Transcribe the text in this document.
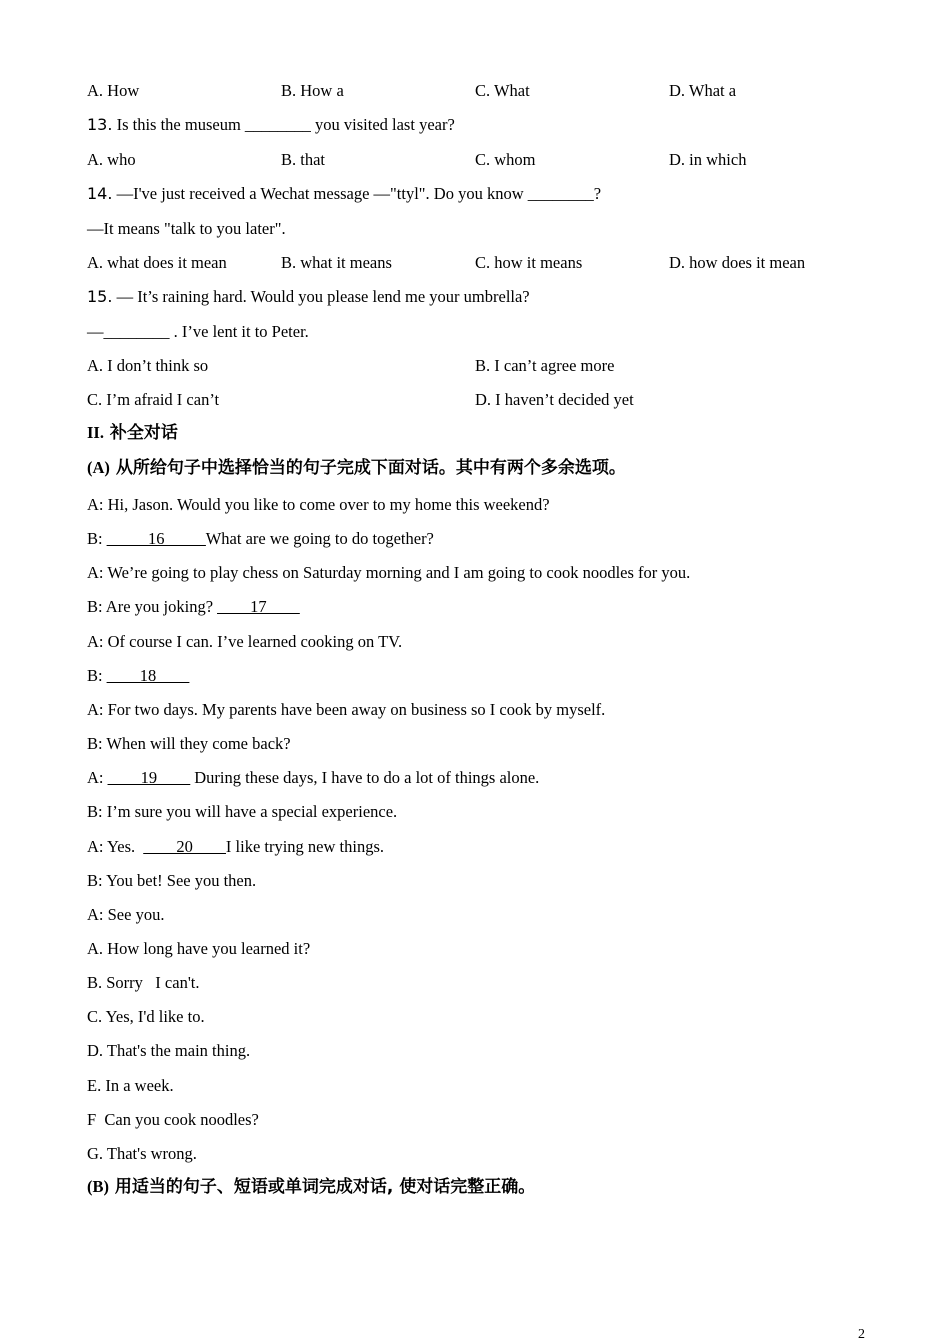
A. How	B. How a	C. What	D. What a
13. Is this the museum ________ you visited last year?
A. who	B. that	C. whom	D. in which
14. —I've just received a Wechat message —"ttyl". Do you know ________?
—It means "talk to you later".
A. what does it mean	B. what it means	C. how it means	D. how does it mean
15. — It’s raining hard. Would you please lend me your umbrella?
—________ . I’ve lent it to Peter.
A. I don’t think so	B. I can’t agree more
C. I’m afraid I can’t	D. I haven’t decided yet
II. 补全对话
(A) 从所给句子中选择恰当的句子完成下面对话。其中有两个多余选项。
A: Hi, Jason. Would you like to come over to my home this weekend?
B: _____16_____What are we going to do together?
A: We’re going to play chess on Saturday morning and I am going to cook noodles for you.
B: Are you joking? ____17____
A: Of course I can. I’ve learned cooking on TV.
B: ____18____
A: For two days. My parents have been away on business so I cook by myself.
B: When will they come back?
A: ____19____ During these days, I have to do a lot of things alone.
B: I’m sure you will have a special experience.
A: Yes.  ____20____I like trying new things.
B: You bet! See you then.
A: See you.
A. How long have you learned it?
B. Sorry   I can't.
C. Yes, I'd like to.
D. That's the main thing.
E. In a week.
F  Can you cook noodles?
G. That's wrong.
(B) 用适当的句子、短语或单词完成对话, 使对话完整正确。
2
